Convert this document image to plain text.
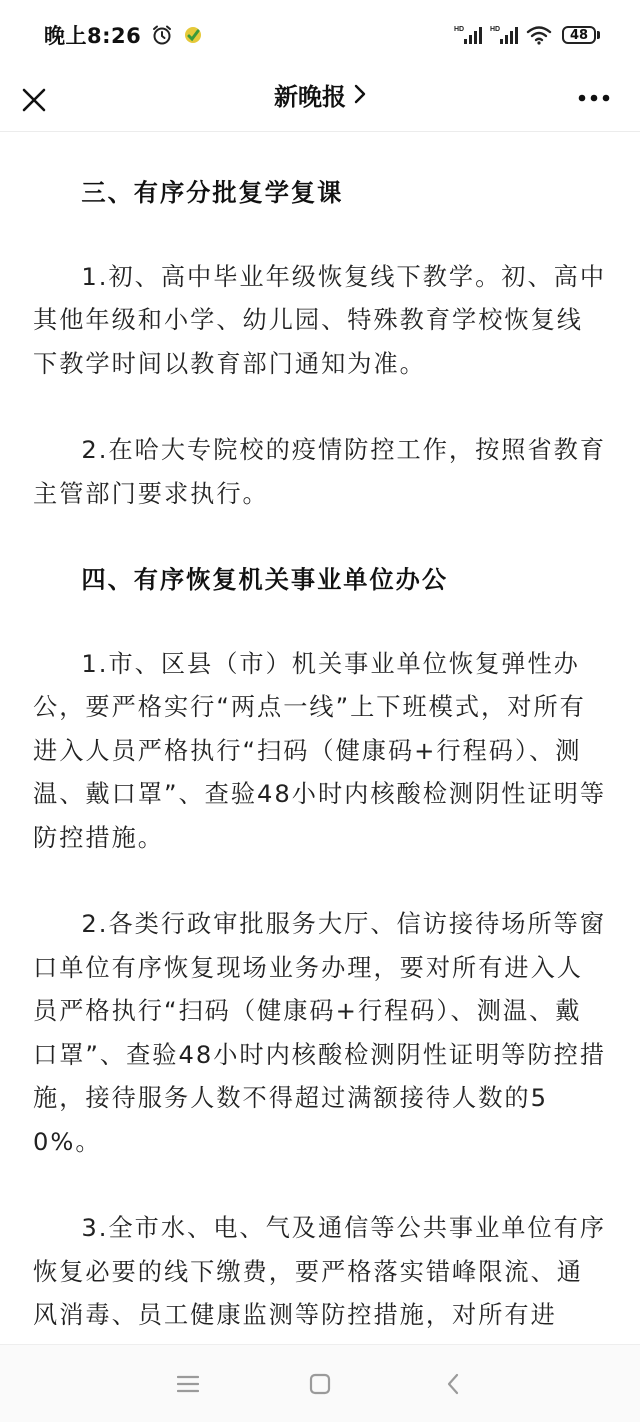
晚上8:26	HD	HD	48
新晚报
三、有序分批复学复课

1.初、高中毕业年级恢复线下教学。初、高中其他年级和小学、幼儿园、特殊教育学校恢复线下教学时间以教育部门通知为准。

2.在哈大专院校的疫情防控工作，按照省教育主管部门要求执行。

四、有序恢复机关事业单位办公

1.市、区县（市）机关事业单位恢复弹性办公，要严格实行“两点一线”上下班模式，对所有进入人员严格执行“扫码（健康码+行程码）、测温、戴口罩”、查验48小时内核酸检测阴性证明等防控措施。

2.各类行政审批服务大厅、信访接待场所等窗口单位有序恢复现场业务办理，要对所有进入人员严格执行“扫码（健康码+行程码）、测温、戴口罩”、查验48小时内核酸检测阴性证明等防控措施，接待服务人数不得超过满额接待人数的50%。

3.全市水、电、气及通信等公共事业单位有序恢复必要的线下缴费，要严格落实错峰限流、通风消毒、员工健康监测等防控措施，对所有进
